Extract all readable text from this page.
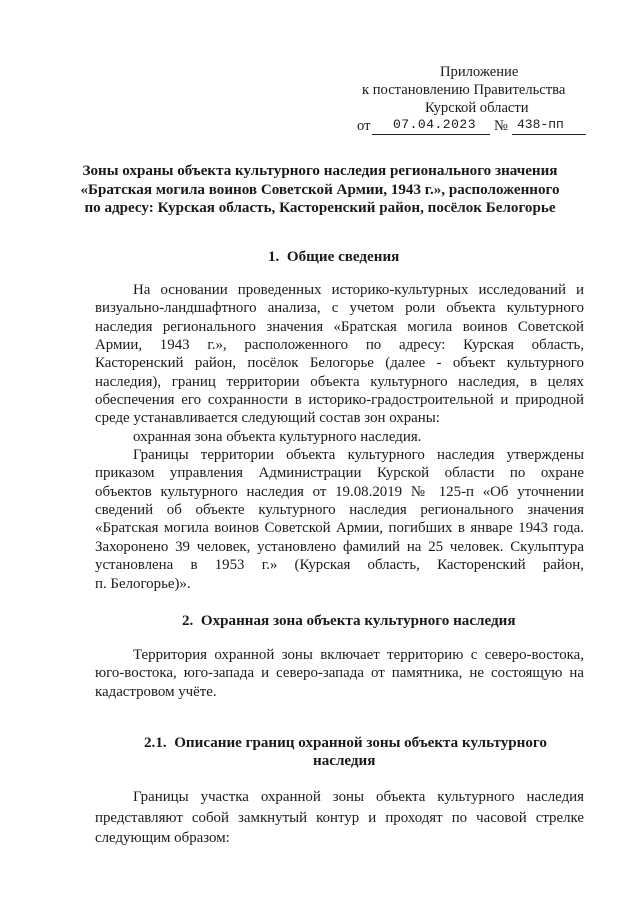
Приложение
к постановлению Правительства
Курской области
от 07.04.2023 № 438-пп
Зоны охраны объекта культурного наследия регионального значения
«Братская могила воинов Советской Армии, 1943 г.», расположенного
по адресу: Курская область, Касторенский район, посёлок Белогорье
1.  Общие сведения
На основании проведенных историко-культурных исследований и
визуально-ландшафтного анализа, с учетом роли объекта культурного
наследия регионального значения «Братская могила воинов Советской
Армии, 1943 г.», расположенного по адресу: Курская область,
Касторенский район, посёлок Белогорье (далее - объект культурного
наследия), границ территории объекта культурного наследия, в целях
обеспечения его сохранности в историко-градостроительной и природной
среде устанавливается следующий состав зон охраны:
охранная зона объекта культурного наследия.
Границы территории объекта культурного наследия утверждены
приказом управления Администрации Курской области по охране
объектов культурного наследия от 19.08.2019 № 125-п «Об уточнении
сведений об объекте культурного наследия регионального значения
«Братская могила воинов Советской Армии, погибших в январе 1943 года.
Захоронено 39 человек, установлено фамилий на 25 человек. Скульптура
установлена в 1953 г.» (Курская область, Касторенский район,
п. Белогорье)».
2.  Охранная зона объекта культурного наследия
Территория охранной зоны включает территорию с северо-востока,
юго-востока, юго-запада и северо-запада от памятника, не состоящую на
кадастровом учёте.
2.1.  Описание границ охранной зоны объекта культурного
наследия
Границы участка охранной зоны объекта культурного наследия
представляют собой замкнутый контур и проходят по часовой стрелке
следующим образом:
